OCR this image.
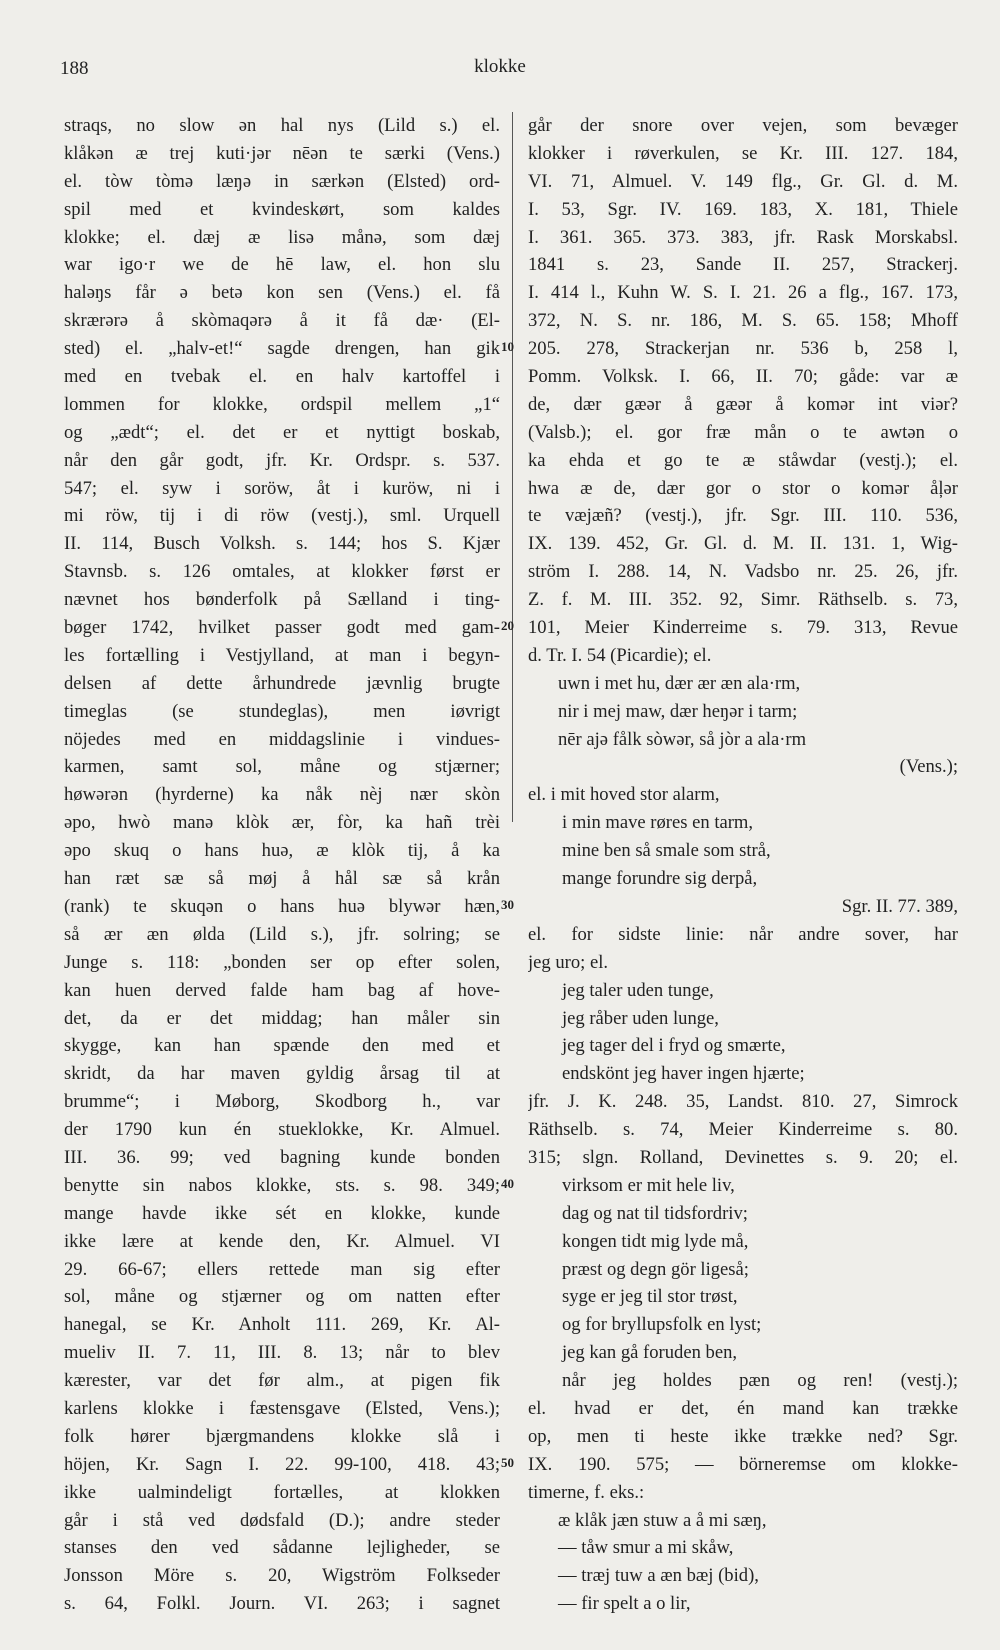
188	klokke
straqs, no slow ən hal nys (Lild s.) el.
klåkən æ trej kuti·jər nēən te særki (Vens.)
el. tòw tòmə læŋə in særkən (Elsted) ord-
spil med et kvindeskørt, som kaldes
klokke; el. dæj æ lisə månə, som dæj
war igo·r we de hē law, el. hon slu
haləŋs får ə betə kon sen (Vens.) el. få
skrærərə å skòmaqərə å it få dæ· (El-
sted) el. „halv-et!“ sagde drengen, han gik
med en tvebak el. en halv kartoffel i
lommen for klokke, ordspil mellem „1“
og „ædt“; el. det er et nyttigt boskab,
når den går godt, jfr. Kr. Ordspr. s. 537.
547; el. syw i soröw, åt i kuröw, ni i
mi röw, tij i di röw (vestj.), sml. Urquell
II. 114, Busch Volksh. s. 144; hos S. Kjær
Stavnsb. s. 126 omtales, at klokker først er
nævnet hos bønderfolk på Sælland i ting-
bøger 1742, hvilket passer godt med gam-
les fortælling i Vestjylland, at man i begyn-
delsen af dette århundrede jævnlig brugte
timeglas (se stundeglas), men iøvrigt
nöjedes med en middagslinie i vindues-
karmen, samt sol, måne og stjærner;
høwərən (hyrderne) ka nåk nèj nær skòn
əpo, hwò manə klòk ær, fòr, ka hañ trèi
əpo skuq o hans huə, æ klòk tij, å ka
han ræt sæ så møj å hål sæ så krån
(rank) te skuqən o hans huə blywər hæn,
så ær æn ølda (Lild s.), jfr. solring; se
Junge s. 118: „bonden ser op efter solen,
kan huen derved falde ham bag af hove-
det, da er det middag; han måler sin
skygge, kan han spænde den med et
skridt, da har maven gyldig årsag til at
brumme“; i Møborg, Skodborg h., var
der 1790 kun én stueklokke, Kr. Almuel.
III. 36. 99; ved bagning kunde bonden
benytte sin nabos klokke, sts. s. 98. 349;
mange havde ikke sét en klokke, kunde
ikke lære at kende den, Kr. Almuel. VI
29. 66-67; ellers rettede man sig efter
sol, måne og stjærner og om natten efter
hanegal, se Kr. Anholt 111. 269, Kr. Al-
mueliv II. 7. 11, III. 8. 13; når to blev
kærester, var det før alm., at pigen fik
karlens klokke i fæstensgave (Elsted, Vens.);
folk hører bjærgmandens klokke slå i
höjen, Kr. Sagn I. 22. 99-100, 418. 43;
ikke ualmindeligt fortælles, at klokken
går i stå ved dødsfald (D.); andre steder
stanses den ved sådanne lejligheder, se
Jonsson Möre s. 20, Wigström Folkseder
s. 64, Folkl. Journ. VI. 263; i sagnet
går der snore over vejen, som bevæger
klokker i røverkulen, se Kr. III. 127. 184,
VI. 71, Almuel. V. 149 flg., Gr. Gl. d. M.
I. 53, Sgr. IV. 169. 183, X. 181, Thiele
I. 361. 365. 373. 383, jfr. Rask Morskabsl.
1841 s. 23, Sande II. 257, Strackerj.
I. 414 l., Kuhn W. S. I. 21. 26 a flg., 167. 173,
372, N. S. nr. 186, M. S. 65. 158; Mhoff
205. 278, Strackerjan nr. 536 b, 258 l,
Pomm. Volksk. I. 66, II. 70; gåde: var æ
de, dær gæər å gæər å komər int viər?
(Valsb.); el. gor fræ mån o te awtən o
ka ehda et go te æ ståwdar (vestj.); el.
hwa æ de, dær gor o stor o komər åļər
te væjæñ? (vestj.), jfr. Sgr. III. 110. 536,
IX. 139. 452, Gr. Gl. d. M. II. 131. 1, Wig-
ström I. 288. 14, N. Vadsbo nr. 25. 26, jfr.
Z. f. M. III. 352. 92, Simr. Räthselb. s. 73,
101, Meier Kinderreime s. 79. 313, Revue
d. Tr. I. 54 (Picardie); el.
uwn i met hu, dær ær æn ala·rm,
nir i mej maw, dær heŋər i tarm;
nēr ajə fålk sòwər, så jòr a ala·rm
(Vens.);
el. i mit hoved stor alarm,
i min mave røres en tarm,
mine ben så smale som strå,
mange forundre sig derpå,
Sgr. II. 77. 389,
el. for sidste linie: når andre sover, har
jeg uro; el.
jeg taler uden tunge,
jeg råber uden lunge,
jeg tager del i fryd og smærte,
endskönt jeg haver ingen hjærte;
jfr. J. K. 248. 35, Landst. 810. 27, Simrock
Räthselb. s. 74, Meier Kinderreime s. 80.
315; slgn. Rolland, Devinettes s. 9. 20; el.
virksom er mit hele liv,
dag og nat til tidsfordriv;
kongen tidt mig lyde må,
præst og degn gör ligeså;
syge er jeg til stor trøst,
og for bryllupsfolk en lyst;
jeg kan gå foruden ben,
når jeg holdes pæn og ren! (vestj.);
el. hvad er det, én mand kan trække
op, men ti heste ikke trække ned? Sgr.
IX. 190. 575; — börneremse om klokke-
timerne, f. eks.:
æ klåk jæn stuw a å mi sæŋ,
— tåw smur a mi skåw,
— træj tuw a æn bæj (bid),
— fir spelt a o lir,
10
20
30
40
50
